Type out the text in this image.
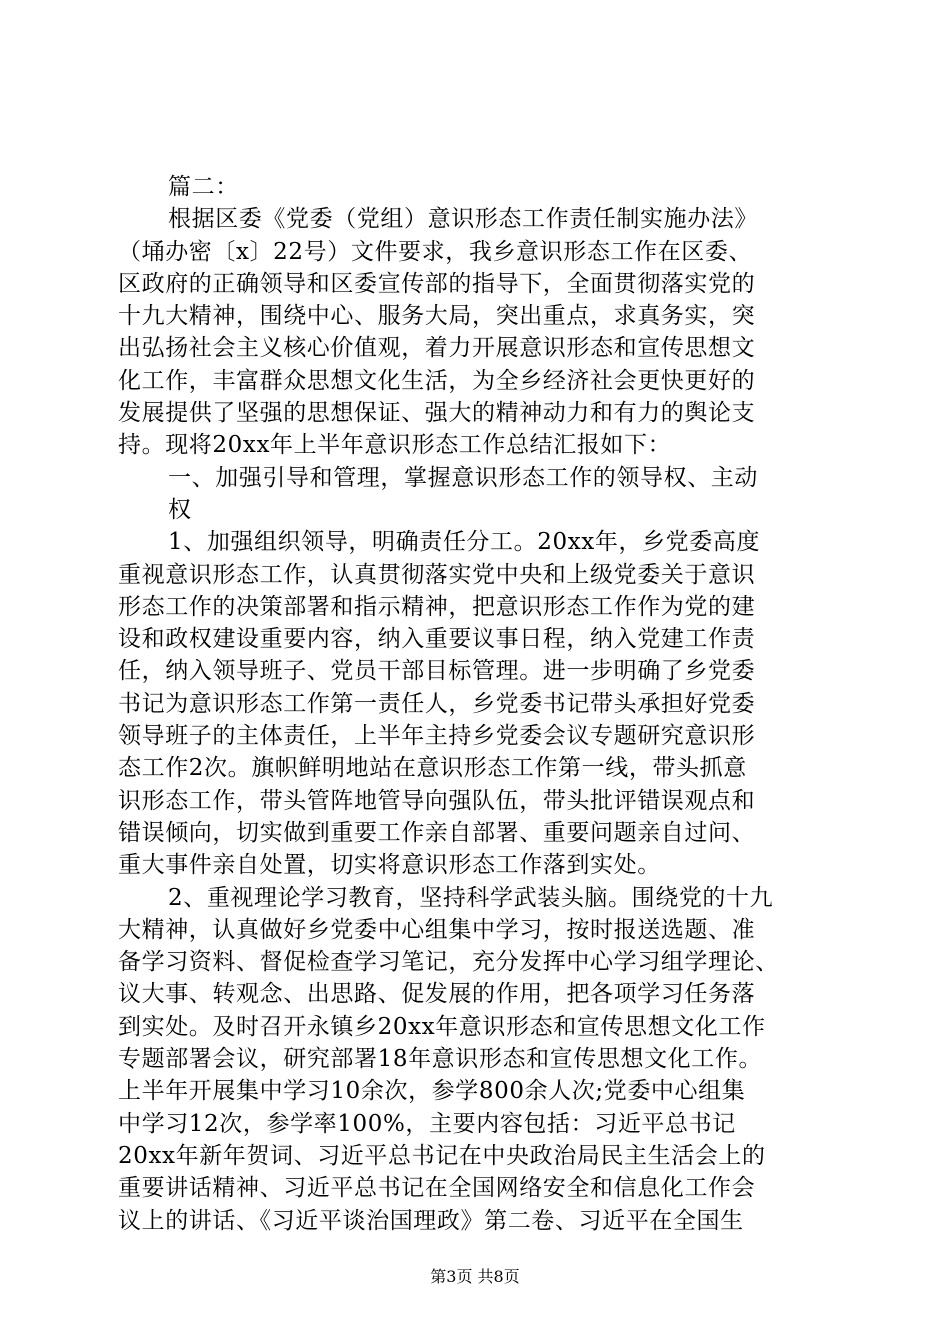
篇二：
根据区委《党委（党组）意识形态工作责任制实施办法》
（埇办密〔x〕22号）文件要求，我乡意识形态工作在区委、
区政府的正确领导和区委宣传部的指导下，全面贯彻落实党的
十九大精神，围绕中心、服务大局，突出重点，求真务实，突
出弘扬社会主义核心价值观，着力开展意识形态和宣传思想文
化工作，丰富群众思想文化生活，为全乡经济社会更快更好的
发展提供了坚强的思想保证、强大的精神动力和有力的舆论支
持。现将20xx年上半年意识形态工作总结汇报如下：
一、加强引导和管理，掌握意识形态工作的领导权、主动
权
1、加强组织领导，明确责任分工。20xx年，乡党委高度
重视意识形态工作，认真贯彻落实党中央和上级党委关于意识
形态工作的决策部署和指示精神，把意识形态工作作为党的建
设和政权建设重要内容，纳入重要议事日程，纳入党建工作责
任，纳入领导班子、党员干部目标管理。进一步明确了乡党委
书记为意识形态工作第一责任人，乡党委书记带头承担好党委
领导班子的主体责任，上半年主持乡党委会议专题研究意识形
态工作2次。旗帜鲜明地站在意识形态工作第一线，带头抓意
识形态工作，带头管阵地管导向强队伍，带头批评错误观点和
错误倾向，切实做到重要工作亲自部署、重要问题亲自过问、
重大事件亲自处置，切实将意识形态工作落到实处。
2、重视理论学习教育，坚持科学武装头脑。围绕党的十九
大精神，认真做好乡党委中心组集中学习，按时报送选题、准
备学习资料、督促检查学习笔记，充分发挥中心学习组学理论、
议大事、转观念、出思路、促发展的作用，把各项学习任务落
到实处。及时召开永镇乡20xx年意识形态和宣传思想文化工作
专题部署会议，研究部署18年意识形态和宣传思想文化工作。
上半年开展集中学习10余次，参学800余人次;党委中心组集
中学习12次，参学率100%，主要内容包括：习近平总书记
20xx年新年贺词、习近平总书记在中央政治局民主生活会上的
重要讲话精神、习近平总书记在全国网络安全和信息化工作会
议上的讲话、《习近平谈治国理政》第二卷、习近平在全国生
第3页 共8页
